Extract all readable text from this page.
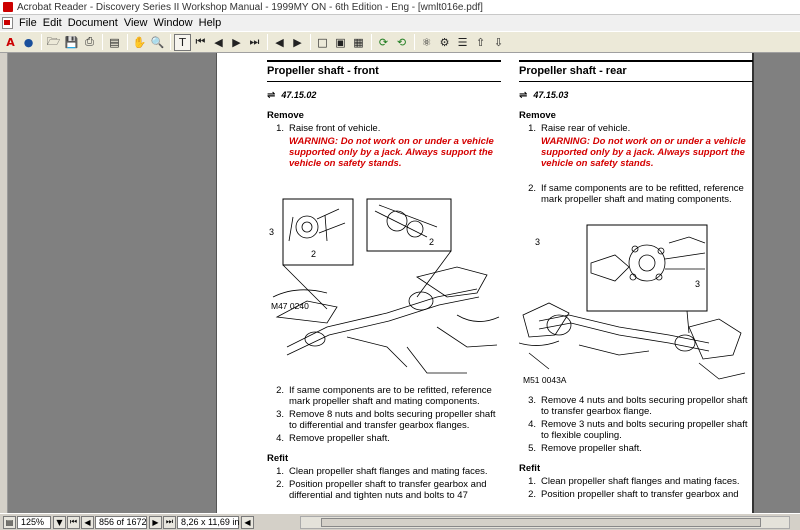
Acrobat Reader - Discovery Series II Workshop Manual - 1999MY ON - 6th Edition - Eng - [wmlt016e.pdf]
File Edit Document View Window Help
A ●	🗁 💾 ⎙	▤ ✋ 🔍	T ⏮ ◀ ▶ ⏭	◀ ▶	□ ▣ ▦	⟳ ⟲	⚛ ⚙ ☰ ⇧ ⇩
Propeller shaft - front
⇌ 47.15.02
Remove
1. Raise front of vehicle.
WARNING: Do not work on or under a vehicle supported only by a jack. Always support the vehicle on safety stands.
3
2
2
M47 0240
2. If same components are to be refitted, reference mark propeller shaft and mating components.
3. Remove 8 nuts and bolts securing propeller shaft to differential and transfer gearbox flanges.
4. Remove propeller shaft.
Refit
1. Clean propeller shaft flanges and mating faces.
2. Position propeller shaft to transfer gearbox and differential and tighten nuts and bolts to 47
Propeller shaft - rear
⇌ 47.15.03
Remove
1. Raise rear of vehicle.
WARNING: Do not work on or under a vehicle supported only by a jack. Always support the vehicle on safety stands.
2. If same components are to be refitted, reference mark propeller shaft and mating components.
3
3
M51 0043A
3. Remove 4 nuts and bolts securing propellor shaft to transfer gearbox flange.
4. Remove 3 nuts and bolts securing propeller shaft to flexible coupling.
5. Remove propeller shaft.
Refit
1. Clean propeller shaft flanges and mating faces.
2. Position propeller shaft to transfer gearbox and
▤ 125%	▼ ⏮ ◀ 856 of 1672 ▶ ⏭ 8,26 x 11,69 in ◀
